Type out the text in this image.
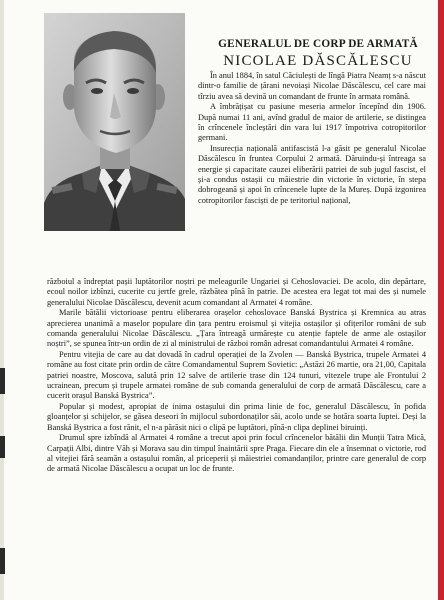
GENERALUL DE CORP DE ARMATĂ
NICOLAE DĂSCĂLESCU

În anul 1884, în satul Căciulești de lîngă Piatra Neamț s-a născut dintr-o familie de țărani nevoiași Nicolae Dăscălescu, cel care mai tîrziu avea să devină un comandant de frunte în armata română.

A îmbrățișat cu pasiune meseria armelor începînd din 1906. După numai 11 ani, avînd gradul de maior de artilerie, se distingea în crîncenele încleștări din vara lui 1917 împotriva cotropitorilor germani.

Insurecția națională antifascistă l-a găsit pe generalul Nicolae Dăscălescu în fruntea Corpului 2 armată. Dăruindu-și întreaga sa energie și capacitate cauzei eliberării patriei de sub jugul fascist, el și-a condus ostașii cu măiestrie din victorie în victorie, în stepa dobrogeană și apoi în crîncenele lupte de la Mureș. După izgonirea cotropitorilor fasciști de pe teritoriul național,

războiul a îndreptat pașii luptătorilor noștri pe meleagurile Ungariei și Cehoslovaciei. De acolo, din depărtare, ecoul noilor izbînzi, cucerite cu jertfe grele, răzbătea pînă în patrie. De acestea era legat tot mai des și numele generalului Nicolae Dăscălescu, devenit acum comandant al Armatei 4 române.

Marile bătălii victorioase pentru eliberarea orașelor cehoslovace Banská Bystrica și Kremnica au atras aprecierea unanimă a maselor populare din țara pentru eroismul și vitejia ostașilor și ofițerilor români de sub comanda generalului Nicolae Dăscălescu. „Țara întreagă urmărește cu atenție faptele de arme ale ostașilor noștri”, se spunea într-un ordin de zi al ministrului de război român adresat comandantului Armatei 4 române.

Pentru vitejia de care au dat dovadă în cadrul operației de la Zvolen — Banská Bystrica, trupele Armatei 4 române au fost citate prin ordin de către Comandamentul Suprem Sovietic: „Astăzi 26 martie, ora 21,00, Capitala patriei noastre, Moscova, salută prin 12 salve de artilerie trase din 124 tunuri, vitezele trupe ale Frontului 2 ucrainean, precum și trupele armatei române de sub comanda generalului de corp de armată Dăscălescu, care a cucerit orașul Banská Bystrica”.

Popular și modest, apropiat de inima ostașului din prima linie de foc, generalul Dăscălescu, în pofida gloanțelor și schijelor, se găsea deseori în mijlocul subordonaților săi, acolo unde se hotăra soarta luptei. Deși la Banská Bystrica a fost rănit, el n-a părăsit nici o clipă pe luptători, pînă-n clipa deplinei biruinți.

Drumul spre izbîndă al Armatei 4 române a trecut apoi prin focul crîncenelor bătălii din Munții Tatra Mică, Carpații Albi, dintre Văh și Morava sau din timpul înaintării spre Praga. Fiecare din ele a însemnat o victorie, rod al vitejiei fără seamăn a ostașului român, al priceperii și măiestriei comandanților, printre care generalul de corp de armată Nicolae Dăscălescu a ocupat un loc de frunte.
